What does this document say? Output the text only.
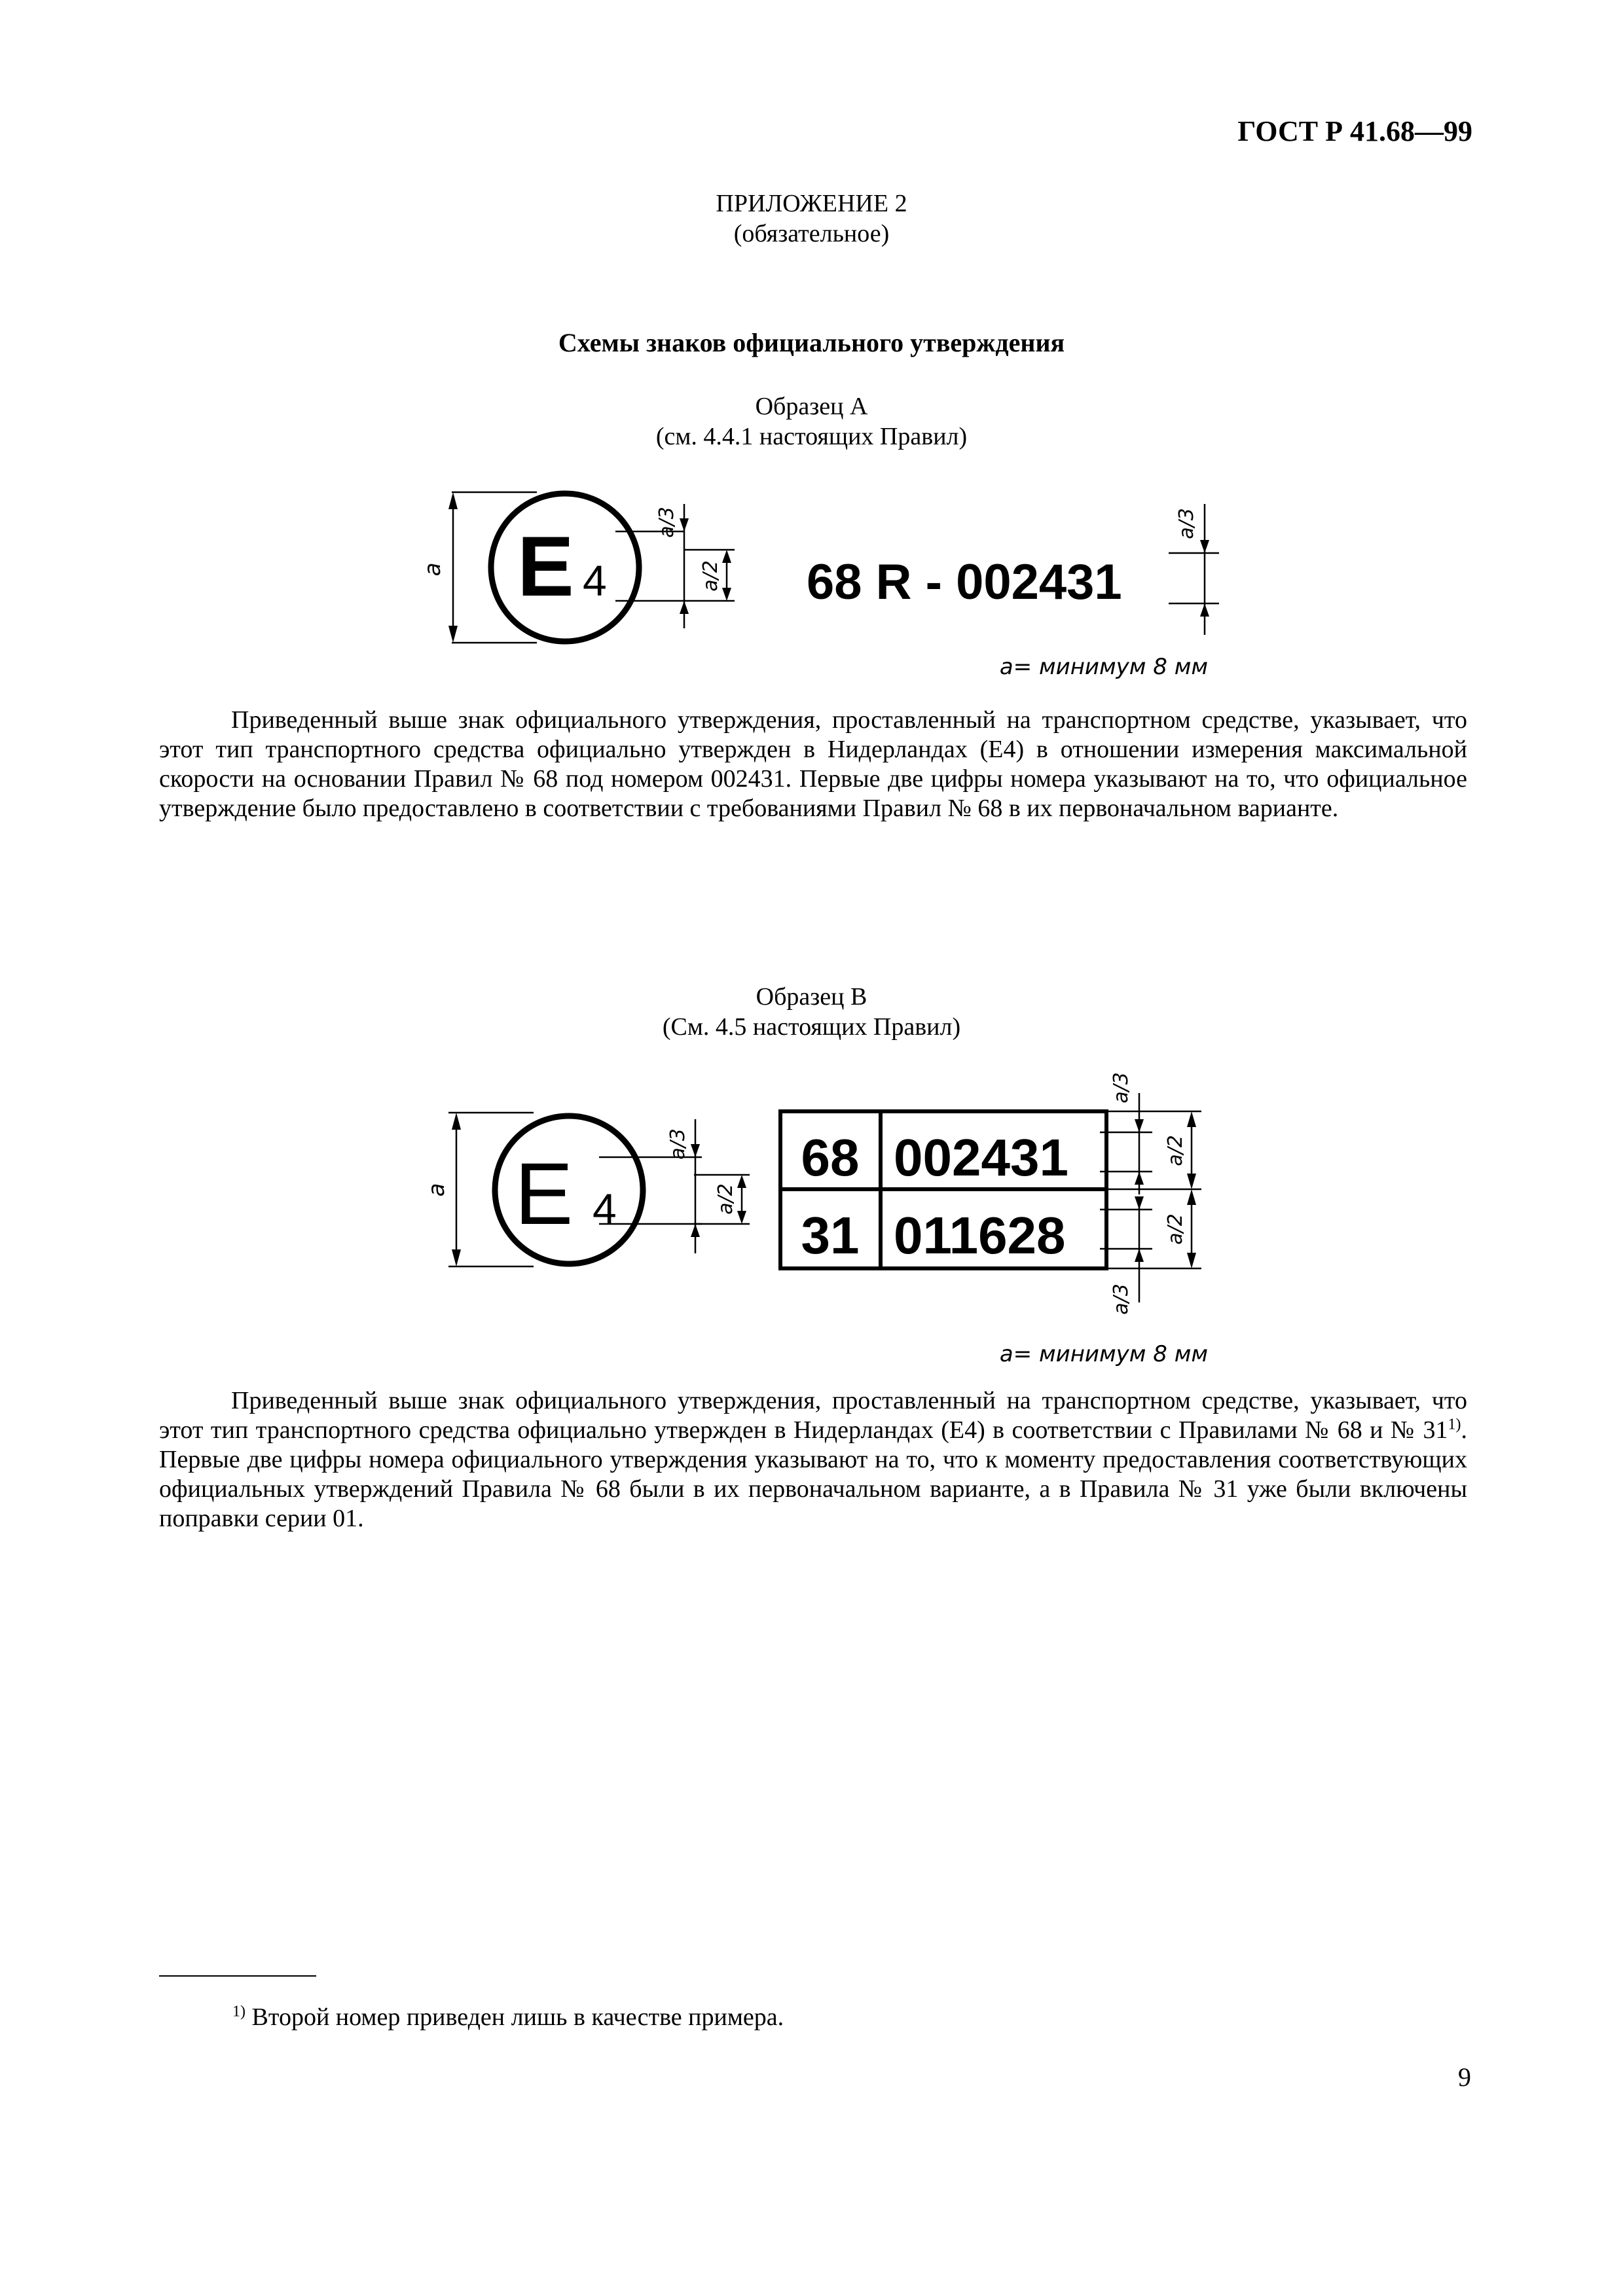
ГОСТ Р 41.68—99
ПРИЛОЖЕНИЕ 2
(обязательное)
Схемы знаков официального утверждения
Образец А
(см. 4.4.1 настоящих Правил)
a E 4
a/3
a/2 68 R - 002431
a/3
a= минимум 8 мм
Приведенный выше знак официального утверждения, проставленный на транспортном средстве, указывает, что этот тип транспортного средства официально утвержден в Нидерландах (E4) в отношении измерения максимальной скорости на основании Правил № 68 под номером 002431. Первые две цифры номера указывают на то, что официальное утверждение было предоставлено в соответствии с требованиями Правил № 68 в их первоначальном варианте.
Образец В
(См. 4.5 настоящих Правил)
a E 4
a/3
a/2
68 002431
31 011628
a/3
a/3
a/2
a/2
a= минимум 8 мм
Приведенный выше знак официального утверждения, проставленный на транспортном средстве, указывает, что этот тип транспортного средства официально утвержден в Нидерландах (E4) в соответствии с Правилами № 68 и № 31$^{1)}$. Первые две цифры номера официального утверждения указывают на то, что к моменту предоставления соответствующих официальных утверждений Правила № 68 были в их первоначальном варианте, а в Правила № 31 уже были включены поправки серии 01.
$^{1)}$ Второй номер приведен лишь в качестве примера.
9
